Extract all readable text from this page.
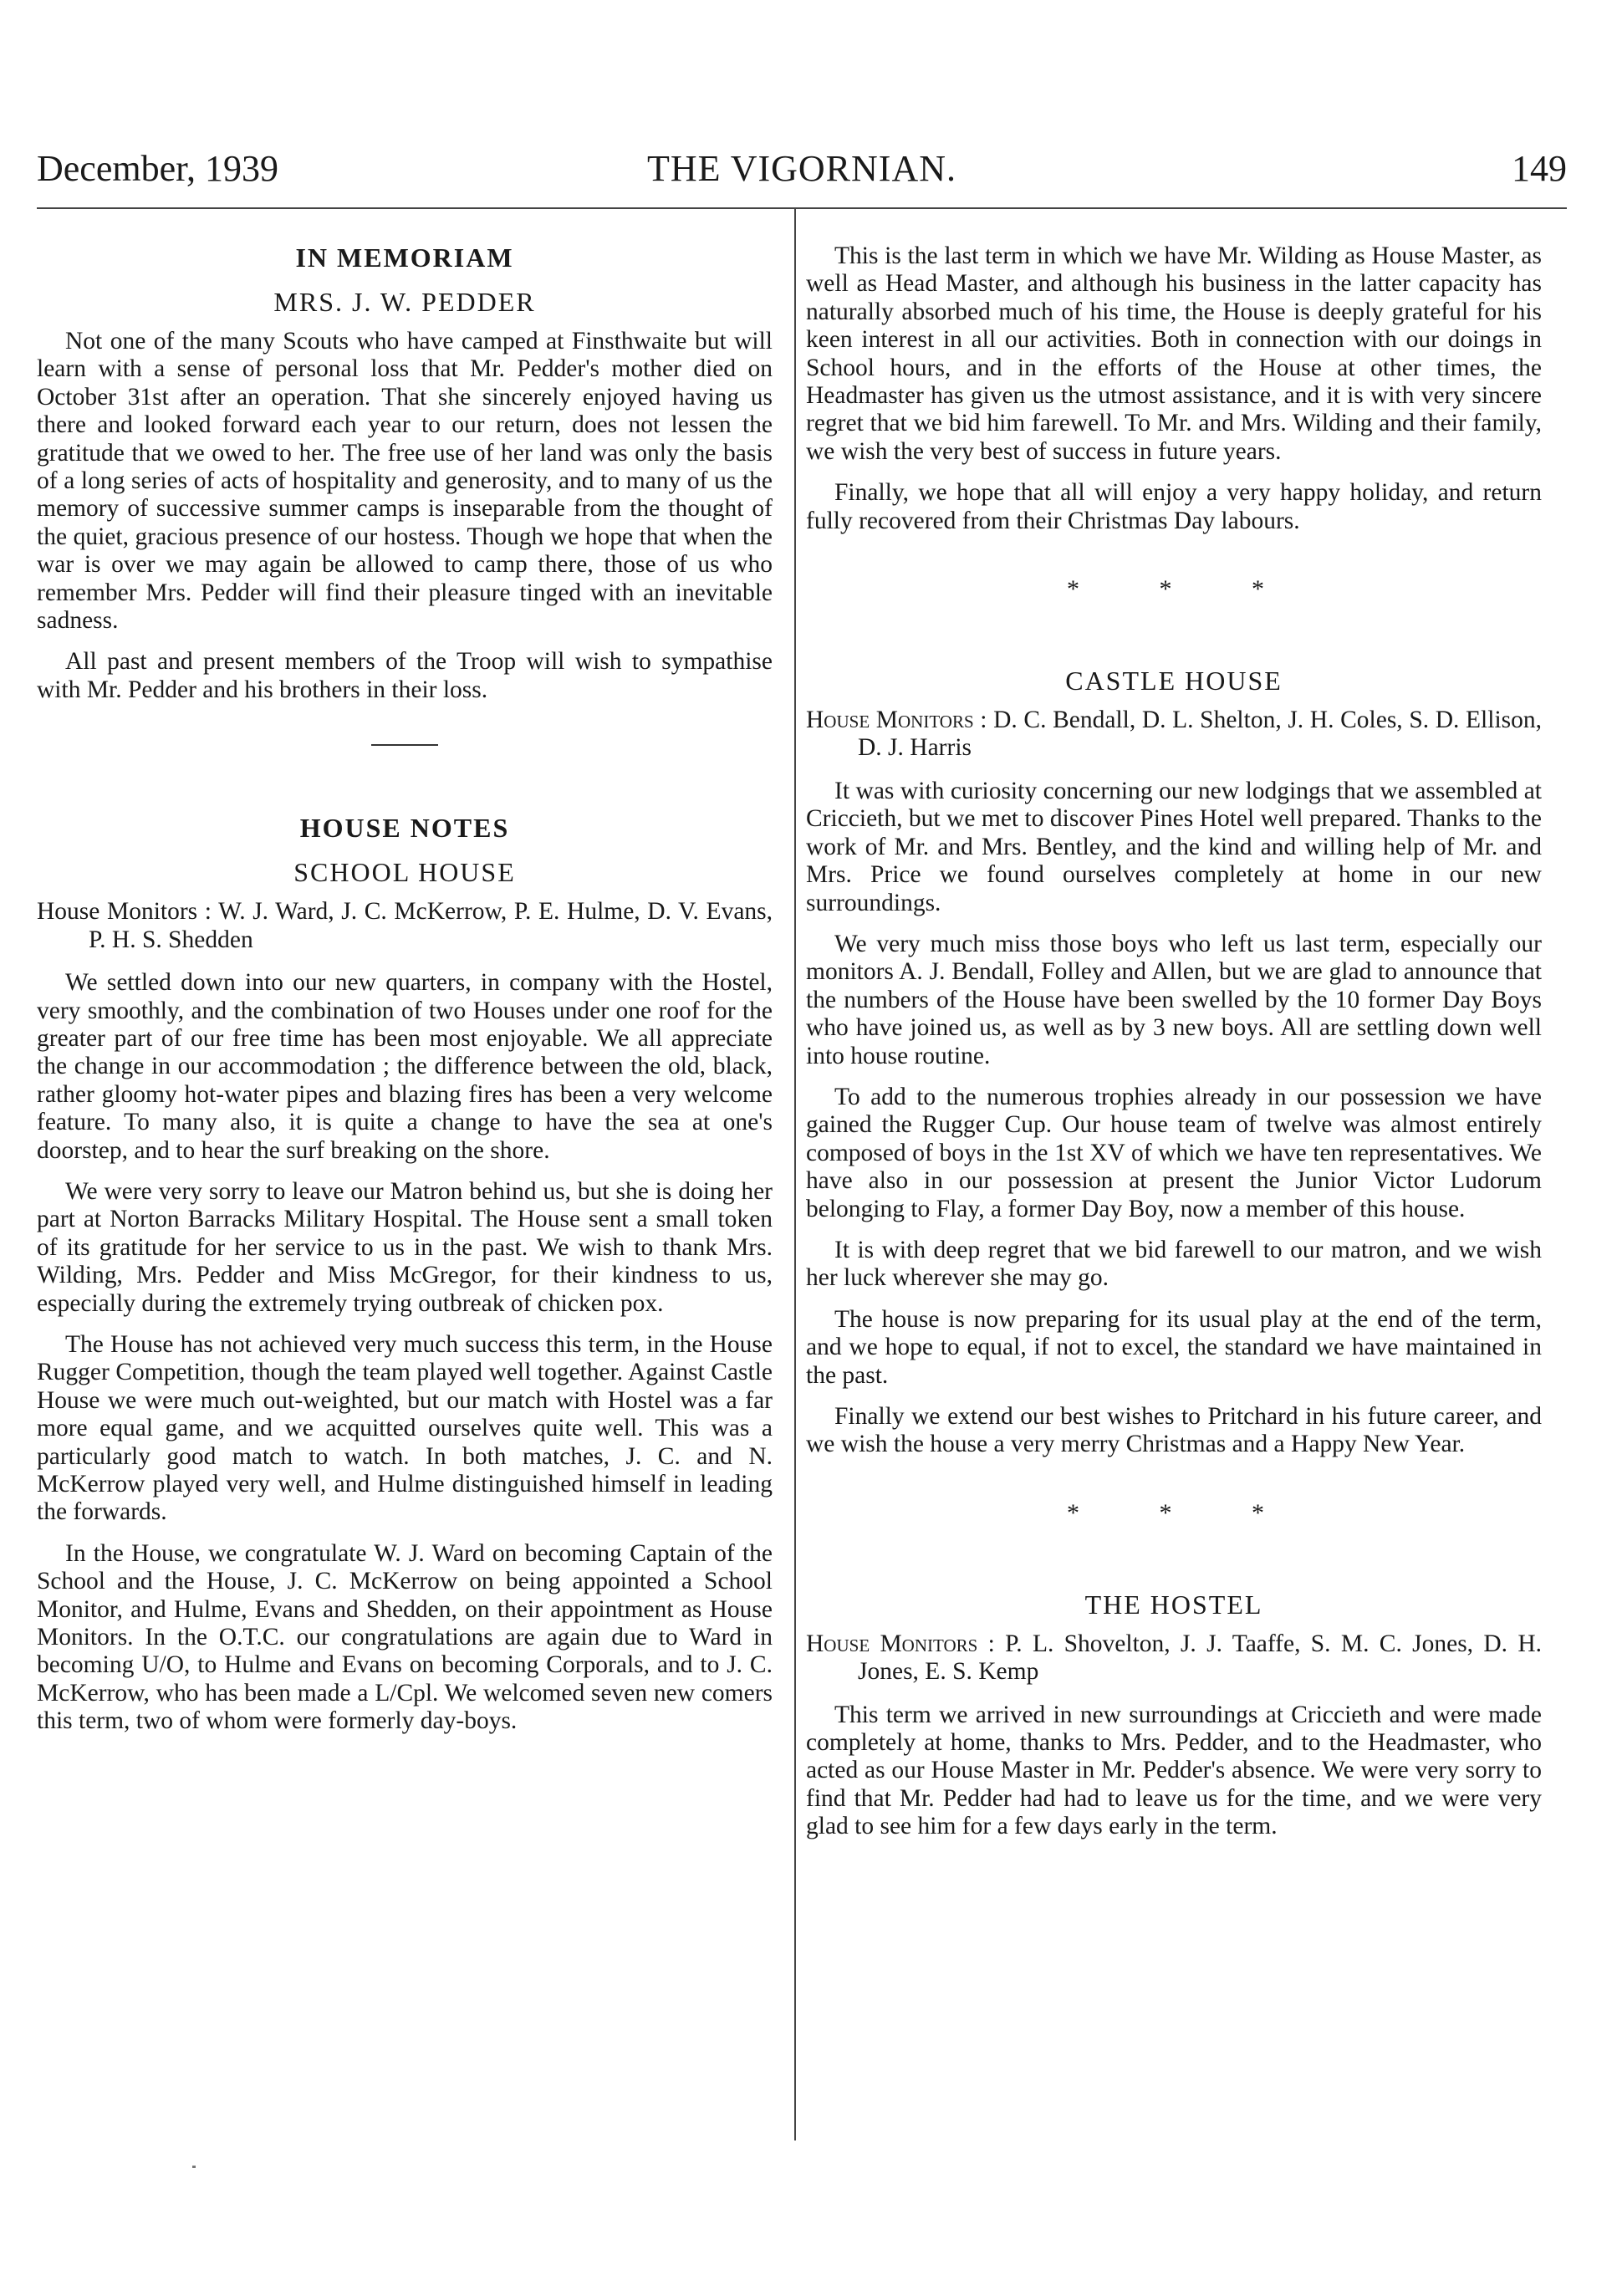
December, 1939	THE VIGORNIAN.	149
IN MEMORIAM
MRS. J. W. PEDDER

Not one of the many Scouts who have camped at Finsthwaite but will learn with a sense of personal loss that Mr. Pedder's mother died on October 31st after an operation. That she sincerely enjoyed having us there and looked forward each year to our return, does not lessen the gratitude that we owed to her. The free use of her land was only the basis of a long series of acts of hospitality and generosity, and to many of us the memory of successive summer camps is inseparable from the thought of the quiet, gracious presence of our hostess. Though we hope that when the war is over we may again be allowed to camp there, those of us who remember Mrs. Pedder will find their pleasure tinged with an inevitable sadness.

All past and present members of the Troop will wish to sympathise with Mr. Pedder and his brothers in their loss.

HOUSE NOTES
SCHOOL HOUSE
House Monitors : W. J. Ward, J. C. McKerrow, P. E. Hulme, D. V. Evans, P. H. S. Shedden

We settled down into our new quarters, in company with the Hostel, very smoothly, and the combination of two Houses under one roof for the greater part of our free time has been most enjoyable. We all appreciate the change in our accommodation ; the difference between the old, black, rather gloomy hot-water pipes and blazing fires has been a very welcome feature. To many also, it is quite a change to have the sea at one's doorstep, and to hear the surf breaking on the shore.

We were very sorry to leave our Matron behind us, but she is doing her part at Norton Barracks Military Hospital. The House sent a small token of its gratitude for her service to us in the past. We wish to thank Mrs. Wilding, Mrs. Pedder and Miss McGregor, for their kindness to us, especially during the extremely trying outbreak of chicken pox.

The House has not achieved very much success this term, in the House Rugger Competition, though the team played well together. Against Castle House we were much out-weighted, but our match with Hostel was a far more equal game, and we acquitted ourselves quite well. This was a particularly good match to watch. In both matches, J. C. and N. McKerrow played very well, and Hulme distinguished himself in leading the forwards.

In the House, we congratulate W. J. Ward on becoming Captain of the School and the House, J. C. McKerrow on being appointed a School Monitor, and Hulme, Evans and Shedden, on their appointment as House Monitors. In the O.T.C. our congratulations are again due to Ward in becoming U/O, to Hulme and Evans on becoming Corporals, and to J. C. McKerrow, who has been made a L/Cpl. We welcomed seven new comers this term, two of whom were formerly day-boys.

This is the last term in which we have Mr. Wilding as House Master, as well as Head Master, and although his business in the latter capacity has naturally absorbed much of his time, the House is deeply grateful for his keen interest in all our activities. Both in connection with our doings in School hours, and in the efforts of the House at other times, the Headmaster has given us the utmost assistance, and it is with very sincere regret that we bid him farewell. To Mr. and Mrs. Wilding and their family, we wish the very best of success in future years.

Finally, we hope that all will enjoy a very happy holiday, and return fully recovered from their Christmas Day labours.

* * *
CASTLE HOUSE
House Monitors : D. C. Bendall, D. L. Shelton, J. H. Coles, S. D. Ellison, D. J. Harris

It was with curiosity concerning our new lodgings that we assembled at Criccieth, but we met to discover Pines Hotel well prepared. Thanks to the work of Mr. and Mrs. Bentley, and the kind and willing help of Mr. and Mrs. Price we found ourselves completely at home in our new surroundings.

We very much miss those boys who left us last term, especially our monitors A. J. Bendall, Folley and Allen, but we are glad to announce that the numbers of the House have been swelled by the 10 former Day Boys who have joined us, as well as by 3 new boys. All are settling down well into house routine.

To add to the numerous trophies already in our possession we have gained the Rugger Cup. Our house team of twelve was almost entirely composed of boys in the 1st XV of which we have ten representatives. We have also in our possession at present the Junior Victor Ludorum belonging to Flay, a former Day Boy, now a member of this house.

It is with deep regret that we bid farewell to our matron, and we wish her luck wherever she may go.

The house is now preparing for its usual play at the end of the term, and we hope to equal, if not to excel, the standard we have maintained in the past.

Finally we extend our best wishes to Pritchard in his future career, and we wish the house a very merry Christmas and a Happy New Year.

* * *
THE HOSTEL
House Monitors : P. L. Shovelton, J. J. Taaffe, S. M. C. Jones, D. H. Jones, E. S. Kemp

This term we arrived in new surroundings at Criccieth and were made completely at home, thanks to Mrs. Pedder, and to the Headmaster, who acted as our House Master in Mr. Pedder's absence. We were very sorry to find that Mr. Pedder had had to leave us for the time, and we were very glad to see him for a few days early in the term.
